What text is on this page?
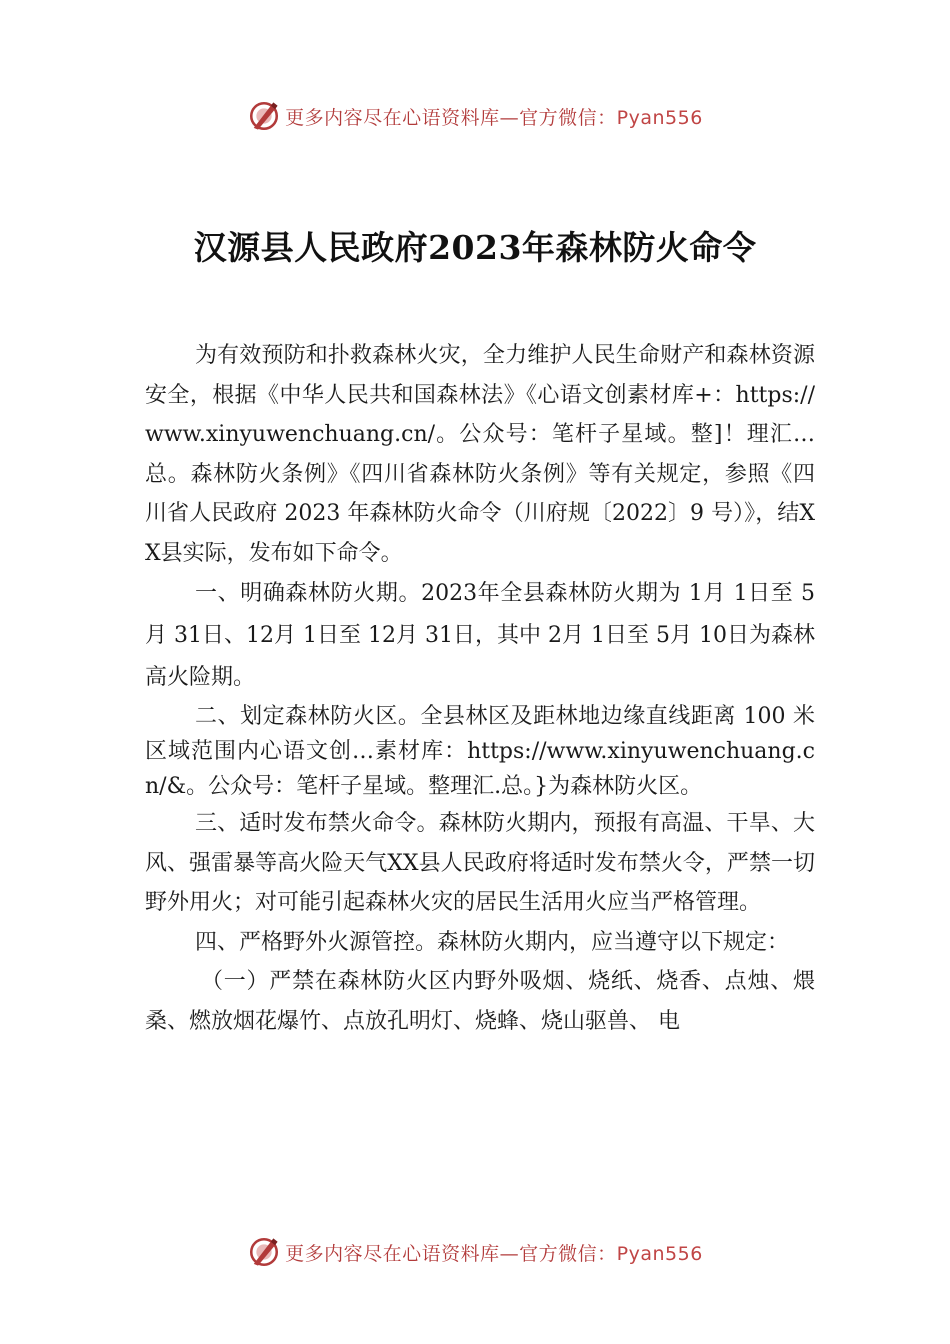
更多内容尽在心语资料库—官方微信：Pyan556
汉源县人民政府2023年森林防火命令

为有效预防和扑救森林火灾，全力维护人民生命财产和森林资源安全，根据《中华人民共和国森林法》《心语文创素材库+：https://www.xinyuwenchuang.cn/。公众号：笔杆子星域。整]！理汇…总。森林防火条例》《四川省森林防火条例》等有关规定，参照《四川省人民政府 2023 年森林防火命令（川府规〔2022〕9 号）》，结XX县实际，发布如下命令。

一、明确森林防火期。2023年全县森林防火期为 1月 1日至 5月 31日、12月 1日至 12月 31日，其中 2月 1日至 5月 10日为森林高火险期。

二、划定森林防火区。全县林区及距林地边缘直线距离 100 米区域范围内心语文创…素材库：https://www.xinyuwenchuang.cn/&。公众号：笔杆子星域。整理汇.总。}为森林防火区。

三、适时发布禁火命令。森林防火期内，预报有高温、干旱、大风、强雷暴等高火险天气XX县人民政府将适时发布禁火令，严禁一切野外用火；对可能引起森林火灾的居民生活用火应当严格管理。

四、严格野外火源管控。森林防火期内，应当遵守以下规定：

（一）严禁在森林防火区内野外吸烟、烧纸、烧香、点烛、煨桑、燃放烟花爆竹、点放孔明灯、烧蜂、烧山驱兽、 电

更多内容尽在心语资料库—官方微信：Pyan556
